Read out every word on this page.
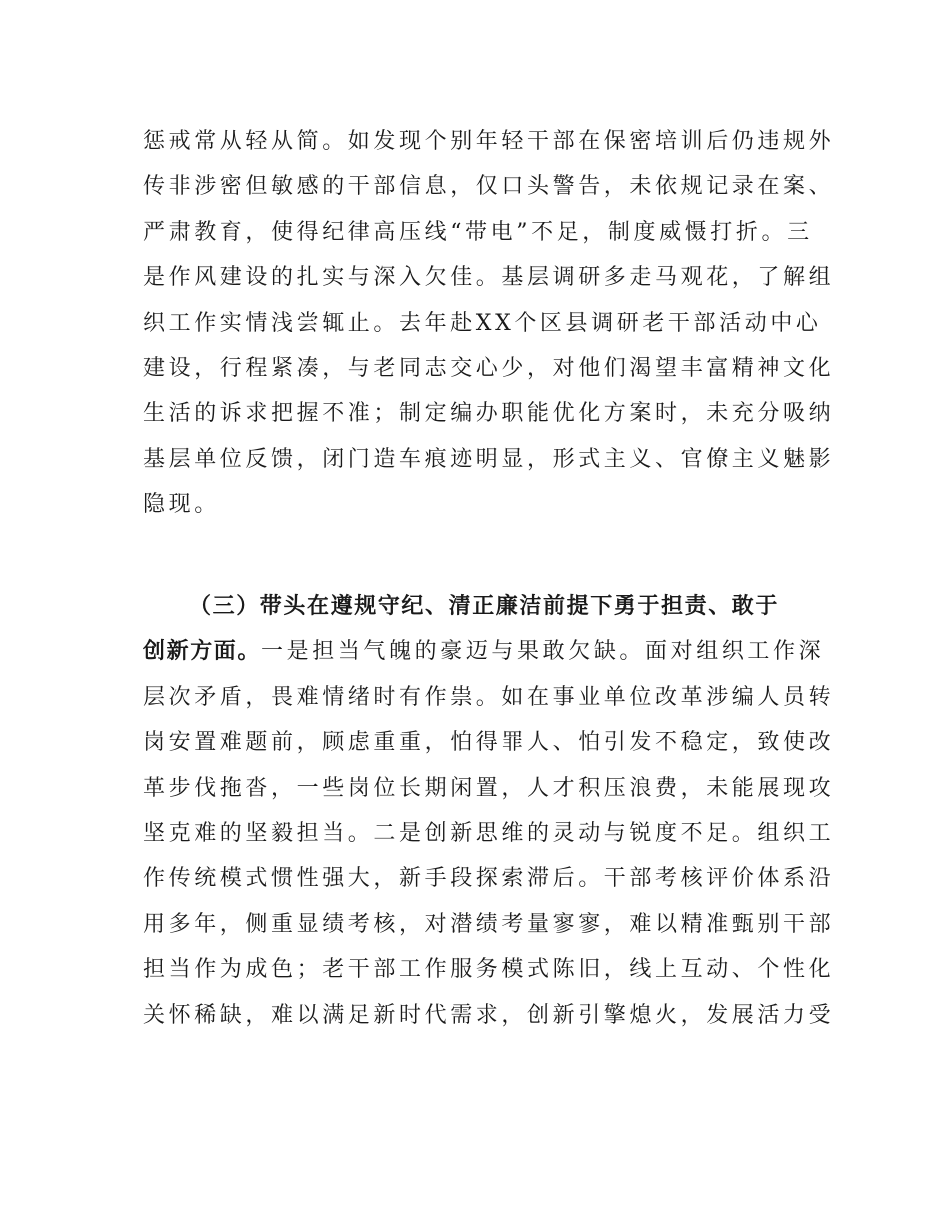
惩戒常从轻从简。如发现个别年轻干部在保密培训后仍违规外
传非涉密但敏感的干部信息，仅口头警告，未依规记录在案、
严肃教育，使得纪律高压线“带电”不足，制度威慑打折。三
是作风建设的扎实与深入欠佳。基层调研多走马观花，了解组
织工作实情浅尝辄止。去年赴XX个区县调研老干部活动中心
建设，行程紧凑，与老同志交心少，对他们渴望丰富精神文化
生活的诉求把握不准；制定编办职能优化方案时，未充分吸纳
基层单位反馈，闭门造车痕迹明显，形式主义、官僚主义魅影
隐现。
（三）带头在遵规守纪、清正廉洁前提下勇于担责、敢于
创新方面。一是担当气魄的豪迈与果敢欠缺。面对组织工作深
层次矛盾，畏难情绪时有作祟。如在事业单位改革涉编人员转
岗安置难题前，顾虑重重，怕得罪人、怕引发不稳定，致使改
革步伐拖沓，一些岗位长期闲置，人才积压浪费，未能展现攻
坚克难的坚毅担当。二是创新思维的灵动与锐度不足。组织工
作传统模式惯性强大，新手段探索滞后。干部考核评价体系沿
用多年，侧重显绩考核，对潜绩考量寥寥，难以精准甄别干部
担当作为成色；老干部工作服务模式陈旧，线上互动、个性化
关怀稀缺，难以满足新时代需求，创新引擎熄火，发展活力受
